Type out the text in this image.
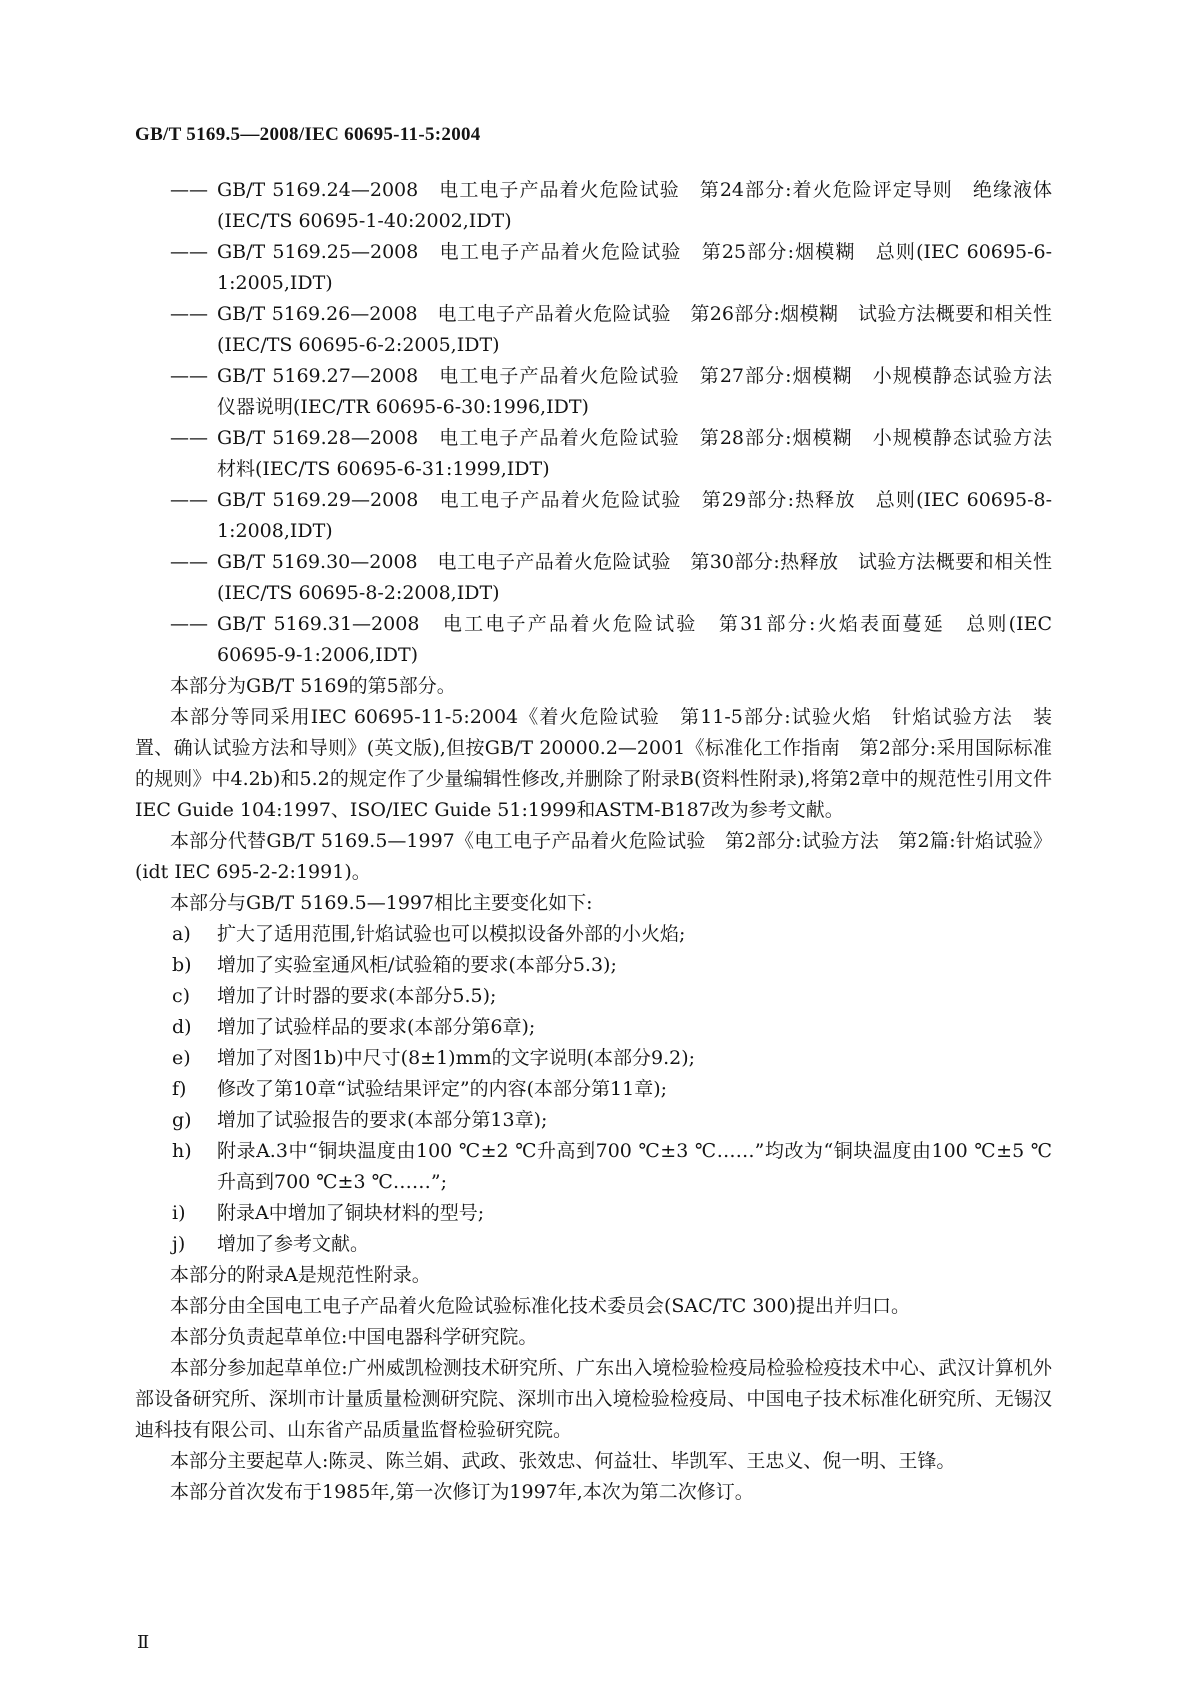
GB/T 5169.5—2008/IEC 60695-11-5:2004
—— GB/T 5169.24—2008　电工电子产品着火危险试验　第24部分:着火危险评定导则　绝缘液体(IEC/TS 60695-1-40:2002,IDT)
—— GB/T 5169.25—2008　电工电子产品着火危险试验　第25部分:烟模糊　总则(IEC 60695-6-1:2005,IDT)
—— GB/T 5169.26—2008　电工电子产品着火危险试验　第26部分:烟模糊　试验方法概要和相关性(IEC/TS 60695-6-2:2005,IDT)
—— GB/T 5169.27—2008　电工电子产品着火危险试验　第27部分:烟模糊　小规模静态试验方法　仪器说明(IEC/TR 60695-6-30:1996,IDT)
—— GB/T 5169.28—2008　电工电子产品着火危险试验　第28部分:烟模糊　小规模静态试验方法　材料(IEC/TS 60695-6-31:1999,IDT)
—— GB/T 5169.29—2008　电工电子产品着火危险试验　第29部分:热释放　总则(IEC 60695-8-1:2008,IDT)
—— GB/T 5169.30—2008　电工电子产品着火危险试验　第30部分:热释放　试验方法概要和相关性(IEC/TS 60695-8-2:2008,IDT)
—— GB/T 5169.31—2008　电工电子产品着火危险试验　第31部分:火焰表面蔓延　总则(IEC 60695-9-1:2006,IDT)
本部分为GB/T 5169的第5部分。
本部分等同采用IEC 60695-11-5:2004《着火危险试验　第11-5部分:试验火焰　针焰试验方法　装置、确认试验方法和导则》(英文版),但按GB/T 20000.2—2001《标准化工作指南　第2部分:采用国际标准的规则》中4.2b)和5.2的规定作了少量编辑性修改,并删除了附录B(资料性附录),将第2章中的规范性引用文件IEC Guide 104:1997、ISO/IEC Guide 51:1999和ASTM-B187改为参考文献。
本部分代替GB/T 5169.5—1997《电工电子产品着火危险试验　第2部分:试验方法　第2篇:针焰试验》(idt IEC 695-2-2:1991)。
本部分与GB/T 5169.5—1997相比主要变化如下:
a)	扩大了适用范围,针焰试验也可以模拟设备外部的小火焰;
b)	增加了实验室通风柜/试验箱的要求(本部分5.3);
c)	增加了计时器的要求(本部分5.5);
d)	增加了试验样品的要求(本部分第6章);
e)	增加了对图1b)中尺寸(8±1)mm的文字说明(本部分9.2);
f)	修改了第10章“试验结果评定”的内容(本部分第11章);
g)	增加了试验报告的要求(本部分第13章);
h)	附录A.3中“铜块温度由100 ℃±2 ℃升高到700 ℃±3 ℃……”均改为“铜块温度由100 ℃±5 ℃升高到700 ℃±3 ℃……”;
i)	附录A中增加了铜块材料的型号;
j)	增加了参考文献。
本部分的附录A是规范性附录。
本部分由全国电工电子产品着火危险试验标准化技术委员会(SAC/TC 300)提出并归口。
本部分负责起草单位:中国电器科学研究院。
本部分参加起草单位:广州威凯检测技术研究所、广东出入境检验检疫局检验检疫技术中心、武汉计算机外部设备研究所、深圳市计量质量检测研究院、深圳市出入境检验检疫局、中国电子技术标准化研究所、无锡汉迪科技有限公司、山东省产品质量监督检验研究院。
本部分主要起草人:陈灵、陈兰娟、武政、张效忠、何益壮、毕凯军、王忠义、倪一明、王锋。
本部分首次发布于1985年,第一次修订为1997年,本次为第二次修订。
Ⅱ
